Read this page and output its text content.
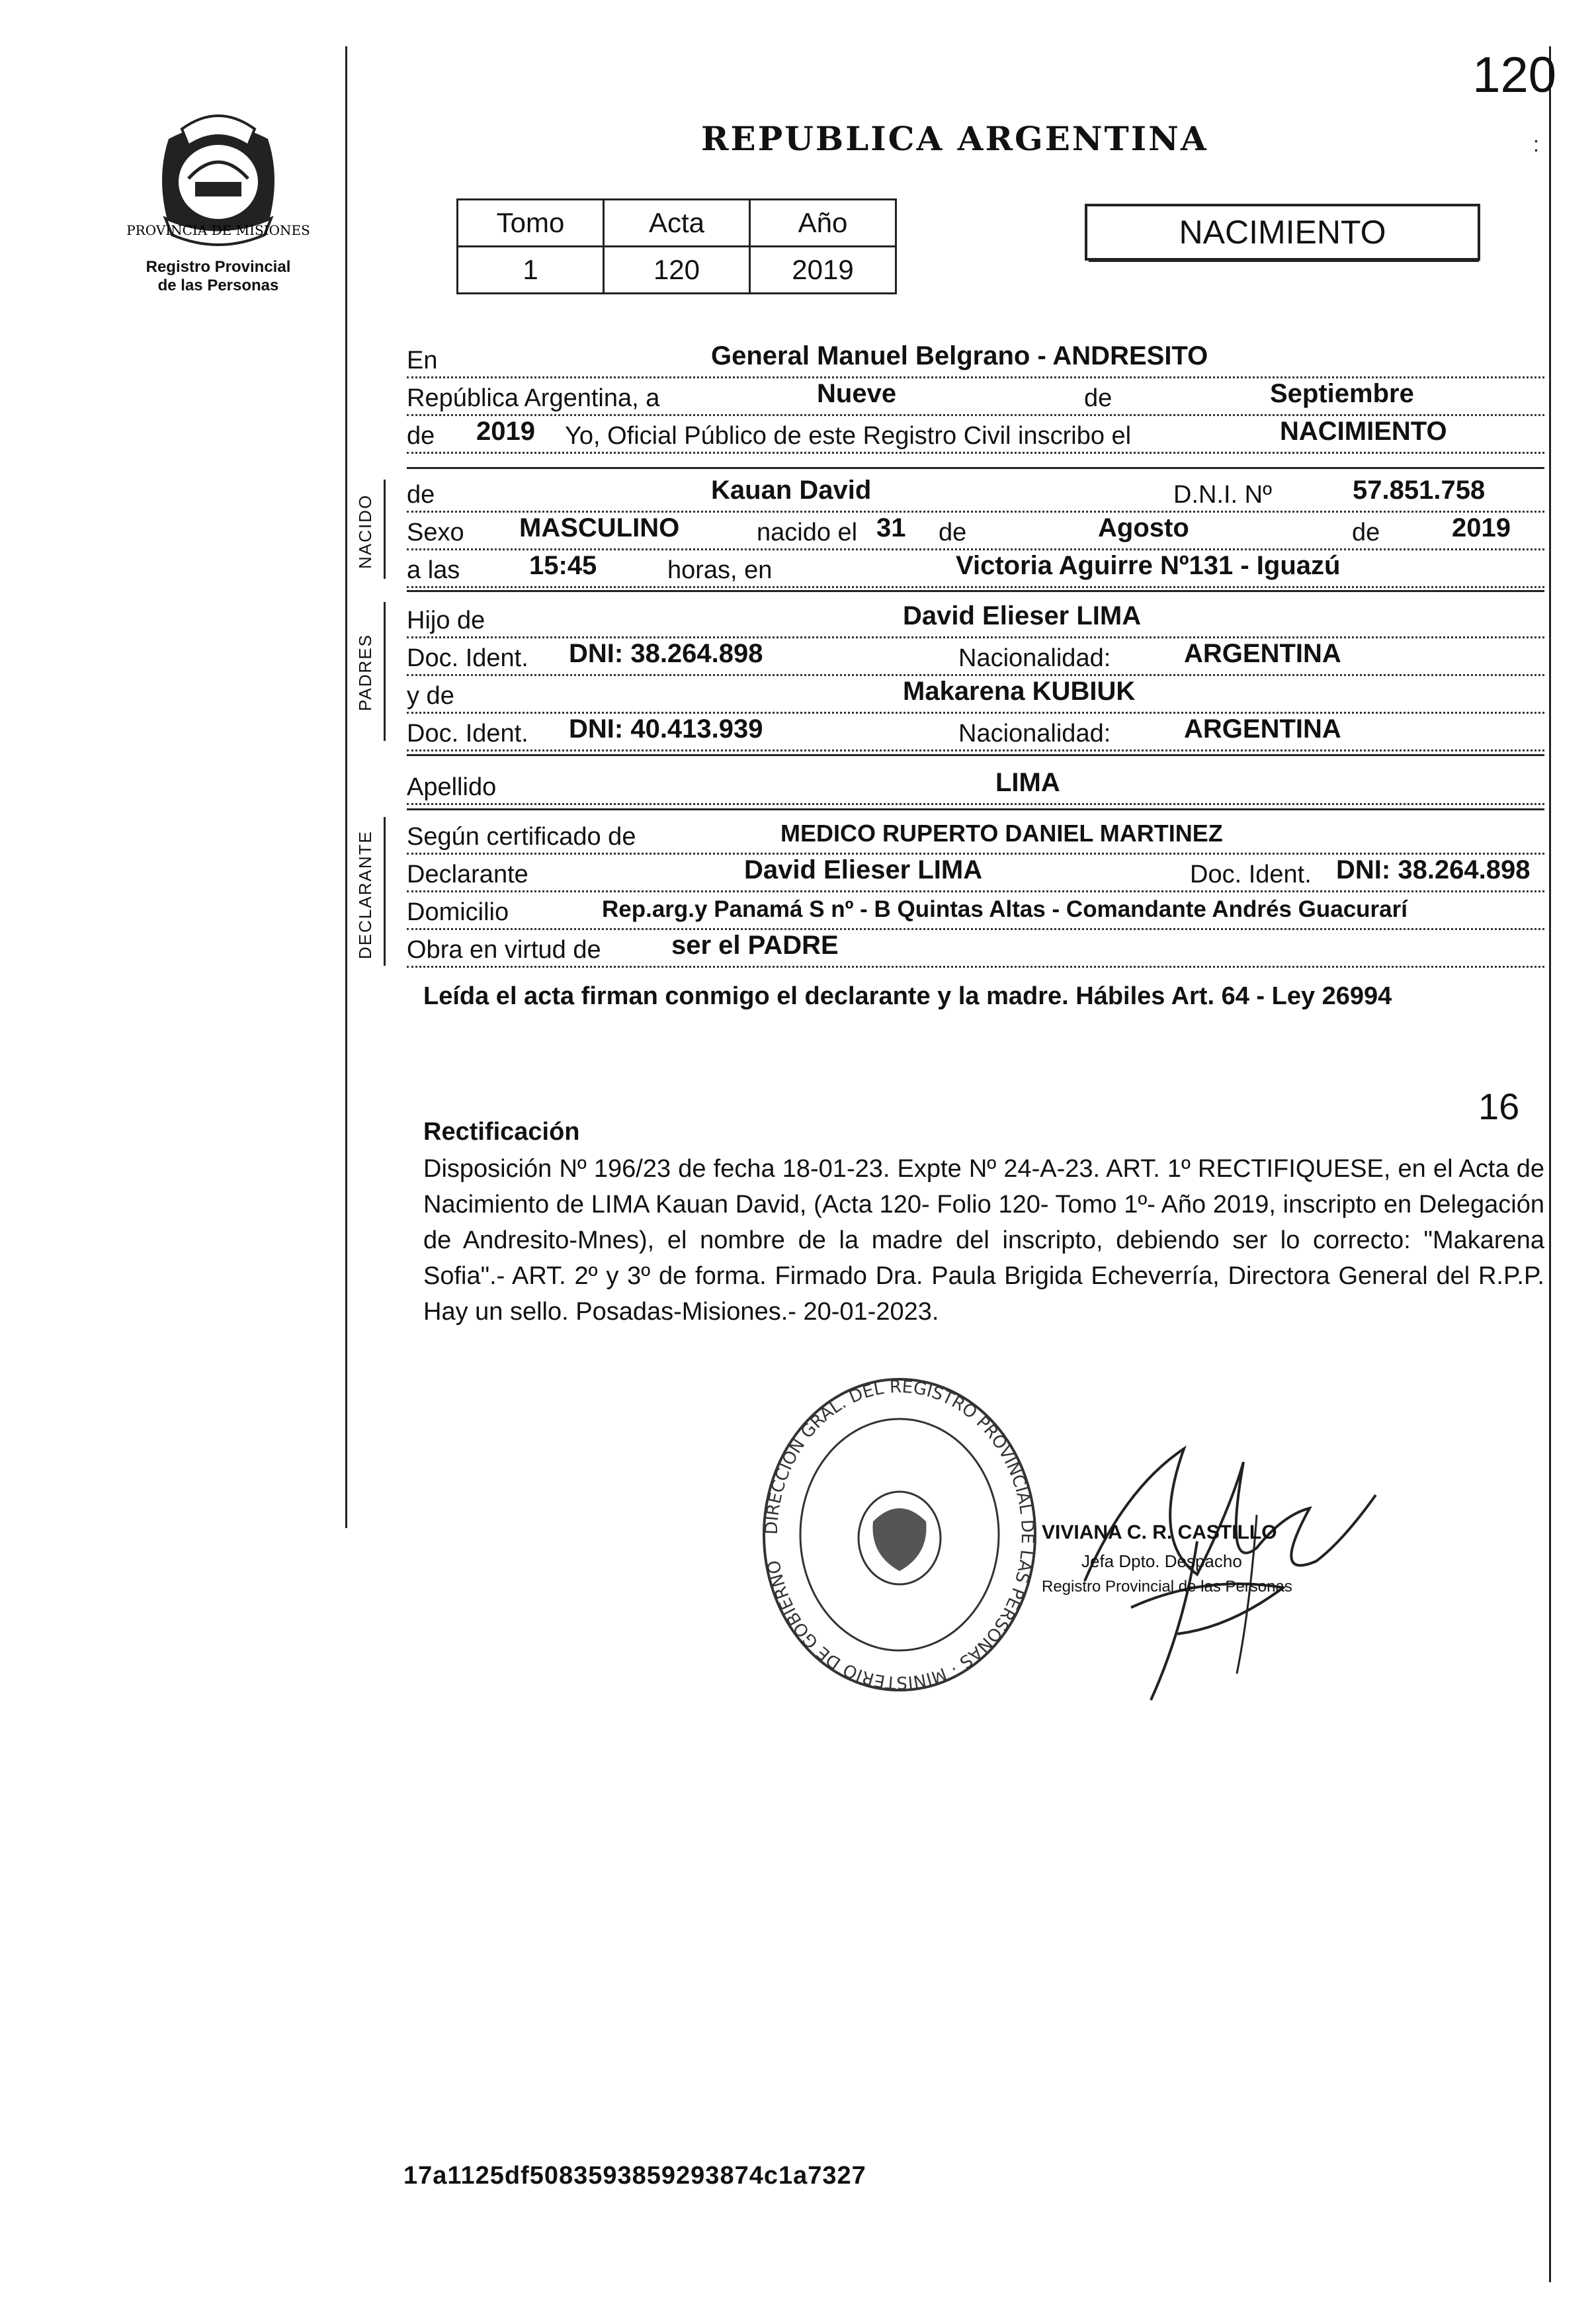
120
:
PROVINCIA DE MISIONES
Registro Provincial
de las Personas
REPUBLICA ARGENTINA
Tomo	Acta	Año
1	120	2019
NACIMIENTO
En	General Manuel Belgrano - ANDRESITO
República Argentina, a	Nueve	de	Septiembre
de 2019 Yo, Oficial Público de este Registro Civil inscribo el	NACIMIENTO
NACIDO de	Kauan David	D.N.I. Nº	57.851.758
Sexo MASCULINO	nacido el 31 de	Agosto	de	2019
a las	15:45	horas, en	Victoria Aguirre Nº131 - Iguazú
PADRES
Hijo de	David Elieser LIMA
Doc. Ident. DNI: 38.264.898	Nacionalidad:	ARGENTINA
y de	Makarena KUBIUK
Doc. Ident. DNI: 40.413.939	Nacionalidad:	ARGENTINA
Apellido	LIMA
DECLARANTE Según certificado de	MEDICO RUPERTO DANIEL MARTINEZ
Declarante	David Elieser LIMA	Doc. Ident. DNI: 38.264.898
Domicilio	Rep.arg.y Panamá S nº - B Quintas Altas - Comandante Andrés Guacurarí
Obra en virtud de	ser el PADRE
Leída el acta firman conmigo el declarante y la madre. Hábiles Art. 64 - Ley 26994
16
Rectificación
Disposición Nº 196/23 de fecha 18-01-23. Expte Nº 24-A-23. ART. 1º RECTIFIQUESE, en el Acta de Nacimiento de LIMA Kauan David, (Acta 120- Folio 120- Tomo 1º- Año 2019, inscripto en Delegación de Andresito-Mnes), el nombre de la madre del inscripto, debiendo ser lo correcto: "Makarena Sofia".- ART. 2º y 3º de forma. Firmado Dra. Paula Brigida Echeverría, Directora General del R.P.P. Hay un sello. Posadas-Misiones.- 20-01-2023.
DIRECCION GRAL. DEL REGISTRO PROVINCIAL DE LAS PERSONAS · MINISTERIO DE GOBIERNO
VIVIANA C. R. CASTILLO
Jefa Dpto. Despacho
Registro Provincial de las Personas
17a1125df5083593859293874c1a7327
